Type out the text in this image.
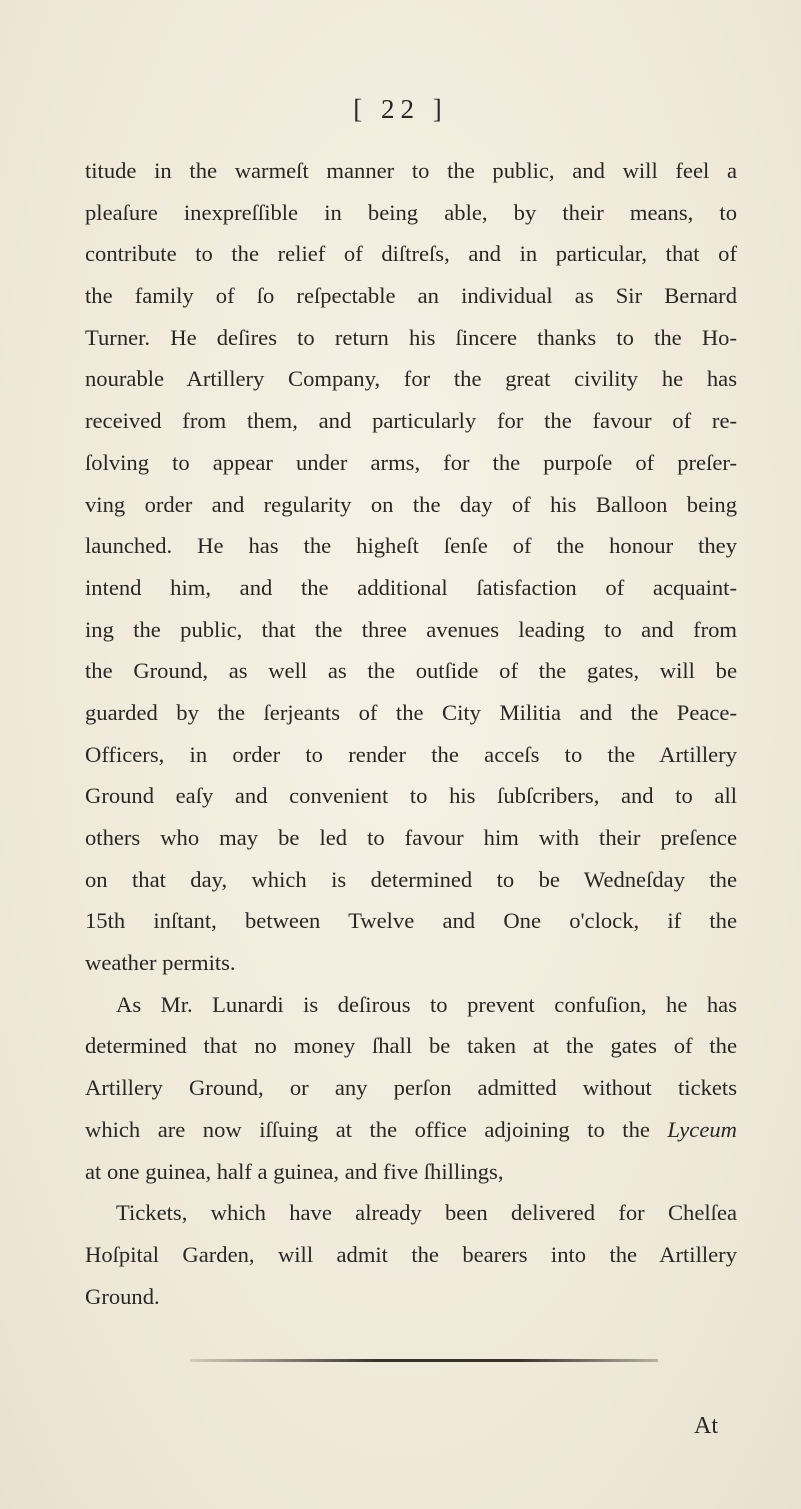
[ 22 ]
titude in the warmeſt manner to the public, and will feel a
pleaſure inexpreſſible in being able, by their means, to
contribute to the relief of diſtreſs, and in particular, that of
the family of ſo reſpectable an individual as Sir Bernard
Turner. He deſires to return his ſincere thanks to the Ho-
nourable Artillery Company, for the great civility he has
received from them, and particularly for the favour of re-
ſolving to appear under arms, for the purpoſe of preſer-
ving order and regularity on the day of his Balloon being
launched. He has the higheſt ſenſe of the honour they
intend him, and the additional ſatisfaction of acquaint-
ing the public, that the three avenues leading to and from
the Ground, as well as the outſide of the gates, will be
guarded by the ſerjeants of the City Militia and the Peace-
Officers, in order to render the acceſs to the Artillery
Ground eaſy and convenient to his ſubſcribers, and to all
others who may be led to favour him with their preſence
on that day, which is determined to be Wedneſday the
15th inſtant, between Twelve and One o'clock, if the
weather permits.
As Mr. Lunardi is deſirous to prevent confuſion, he has
determined that no money ſhall be taken at the gates of the
Artillery Ground, or any perſon admitted without tickets
which are now iſſuing at the office adjoining to the Lyceum
at one guinea, half a guinea, and five ſhillings,
Tickets, which have already been delivered for Chelſea
Hoſpital Garden, will admit the bearers into the Artillery
Ground.
At
